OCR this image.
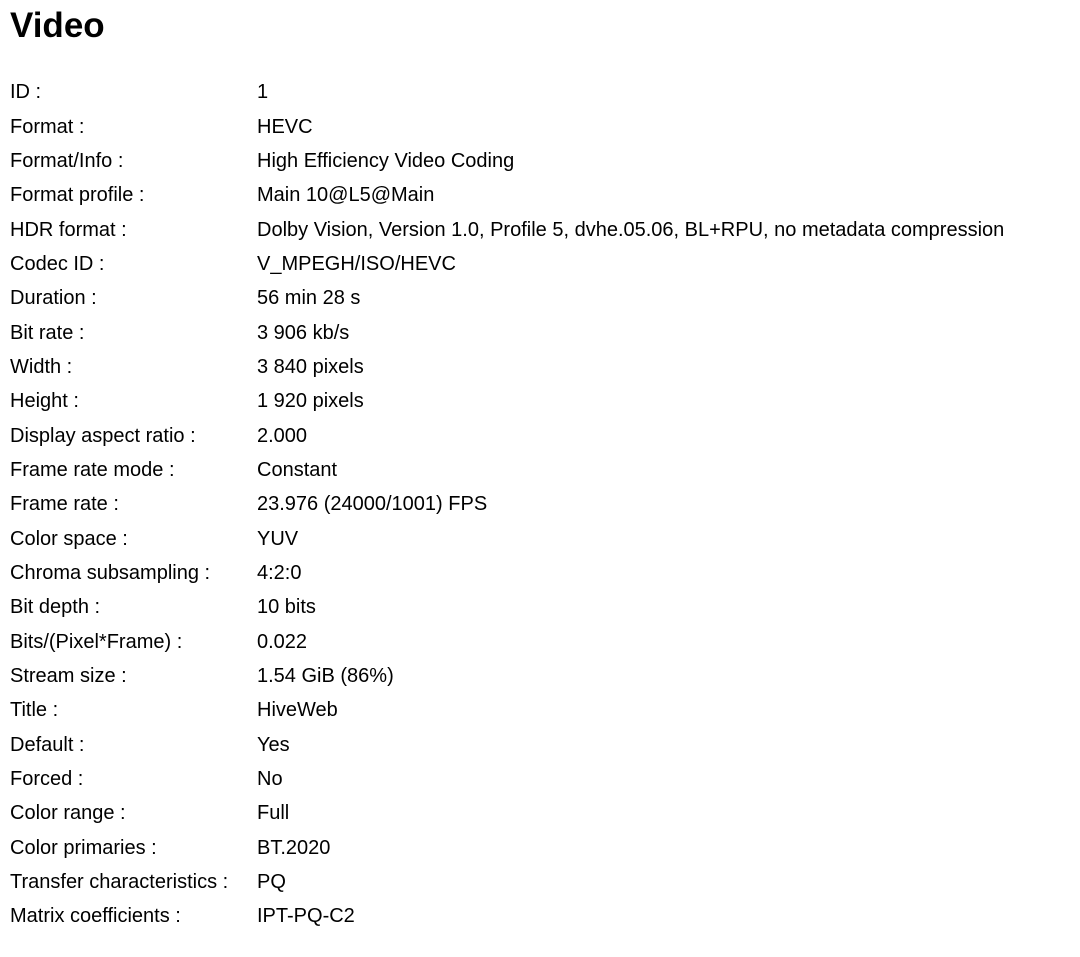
Video
ID :	1
Format :	HEVC
Format/Info :	High Efficiency Video Coding
Format profile :	Main 10@L5@Main
HDR format :	Dolby Vision, Version 1.0, Profile 5, dvhe.05.06, BL+RPU, no metadata compression
Codec ID :	V_MPEGH/ISO/HEVC
Duration :	56 min 28 s
Bit rate :	3 906 kb/s
Width :	3 840 pixels
Height :	1 920 pixels
Display aspect ratio :	2.000
Frame rate mode :	Constant
Frame rate :	23.976 (24000/1001) FPS
Color space :	YUV
Chroma subsampling :	4:2:0
Bit depth :	10 bits
Bits/(Pixel*Frame) :	0.022
Stream size :	1.54 GiB (86%)
Title :	HiveWeb
Default :	Yes
Forced :	No
Color range :	Full
Color primaries :	BT.2020
Transfer characteristics :	PQ
Matrix coefficients :	IPT-PQ-C2
